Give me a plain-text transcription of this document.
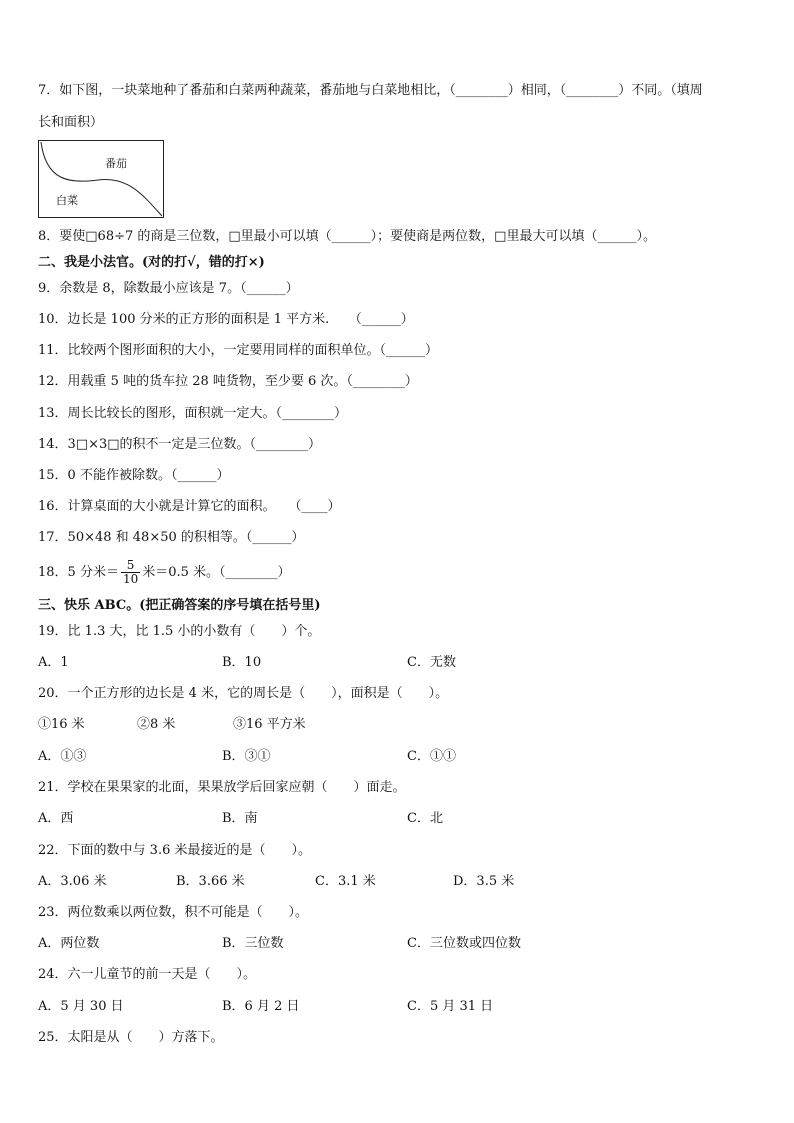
7．如下图，一块菜地种了番茄和白菜两种蔬菜，番茄地与白菜地相比，（________）相同，（________）不同。（填周
长和面积）
番茄
白菜
8．要使□68÷7 的商是三位数，□里最小可以填（______）；要使商是两位数，□里最大可以填（______）。
二、我是小法官。(对的打√，错的打×)
9．余数是 8，除数最小应该是 7。（______）
10．边长是 100 分米的正方形的面积是 1 平方米.　　（______）
11．比较两个图形面积的大小，一定要用同样的面积单位。（______）
12．用载重 5 吨的货车拉 28 吨货物，至少要 6 次。（________）
13．周长比较长的图形，面积就一定大。（________）
14．3□×3□的积不一定是三位数。（________）
15．0 不能作被除数。（______）
16．计算桌面的大小就是计算它的面积。　　（____）
17．50×48 和 48×50 的积相等。（______）
18．5 分米＝ $\frac{5}{10}$ 米＝0.5 米。（________）
三、快乐 ABC。(把正确答案的序号填在括号里)
19．比 1.3 大，比 1.5 小的小数有（　　）个。
A．1	B．10	C．无数
20．一个正方形的边长是 4 米，它的周长是（　　），面积是（　　）。
①16 米	②8 米	③16 平方米
A．①③	B．③①	C．①①
21．学校在果果家的北面，果果放学后回家应朝（　　）面走。
A．西	B．南	C．北
22．下面的数中与 3.6 米最接近的是（　　）。
A．3.06 米	B．3.66 米	C．3.1 米	D．3.5 米
23．两位数乘以两位数，积不可能是（　　）。
A．两位数	B．三位数	C．三位数或四位数
24．六一儿童节的前一天是（　　）。
A．5 月 30 日	B．6 月 2 日	C．5 月 31 日
25．太阳是从（　　）方落下。
